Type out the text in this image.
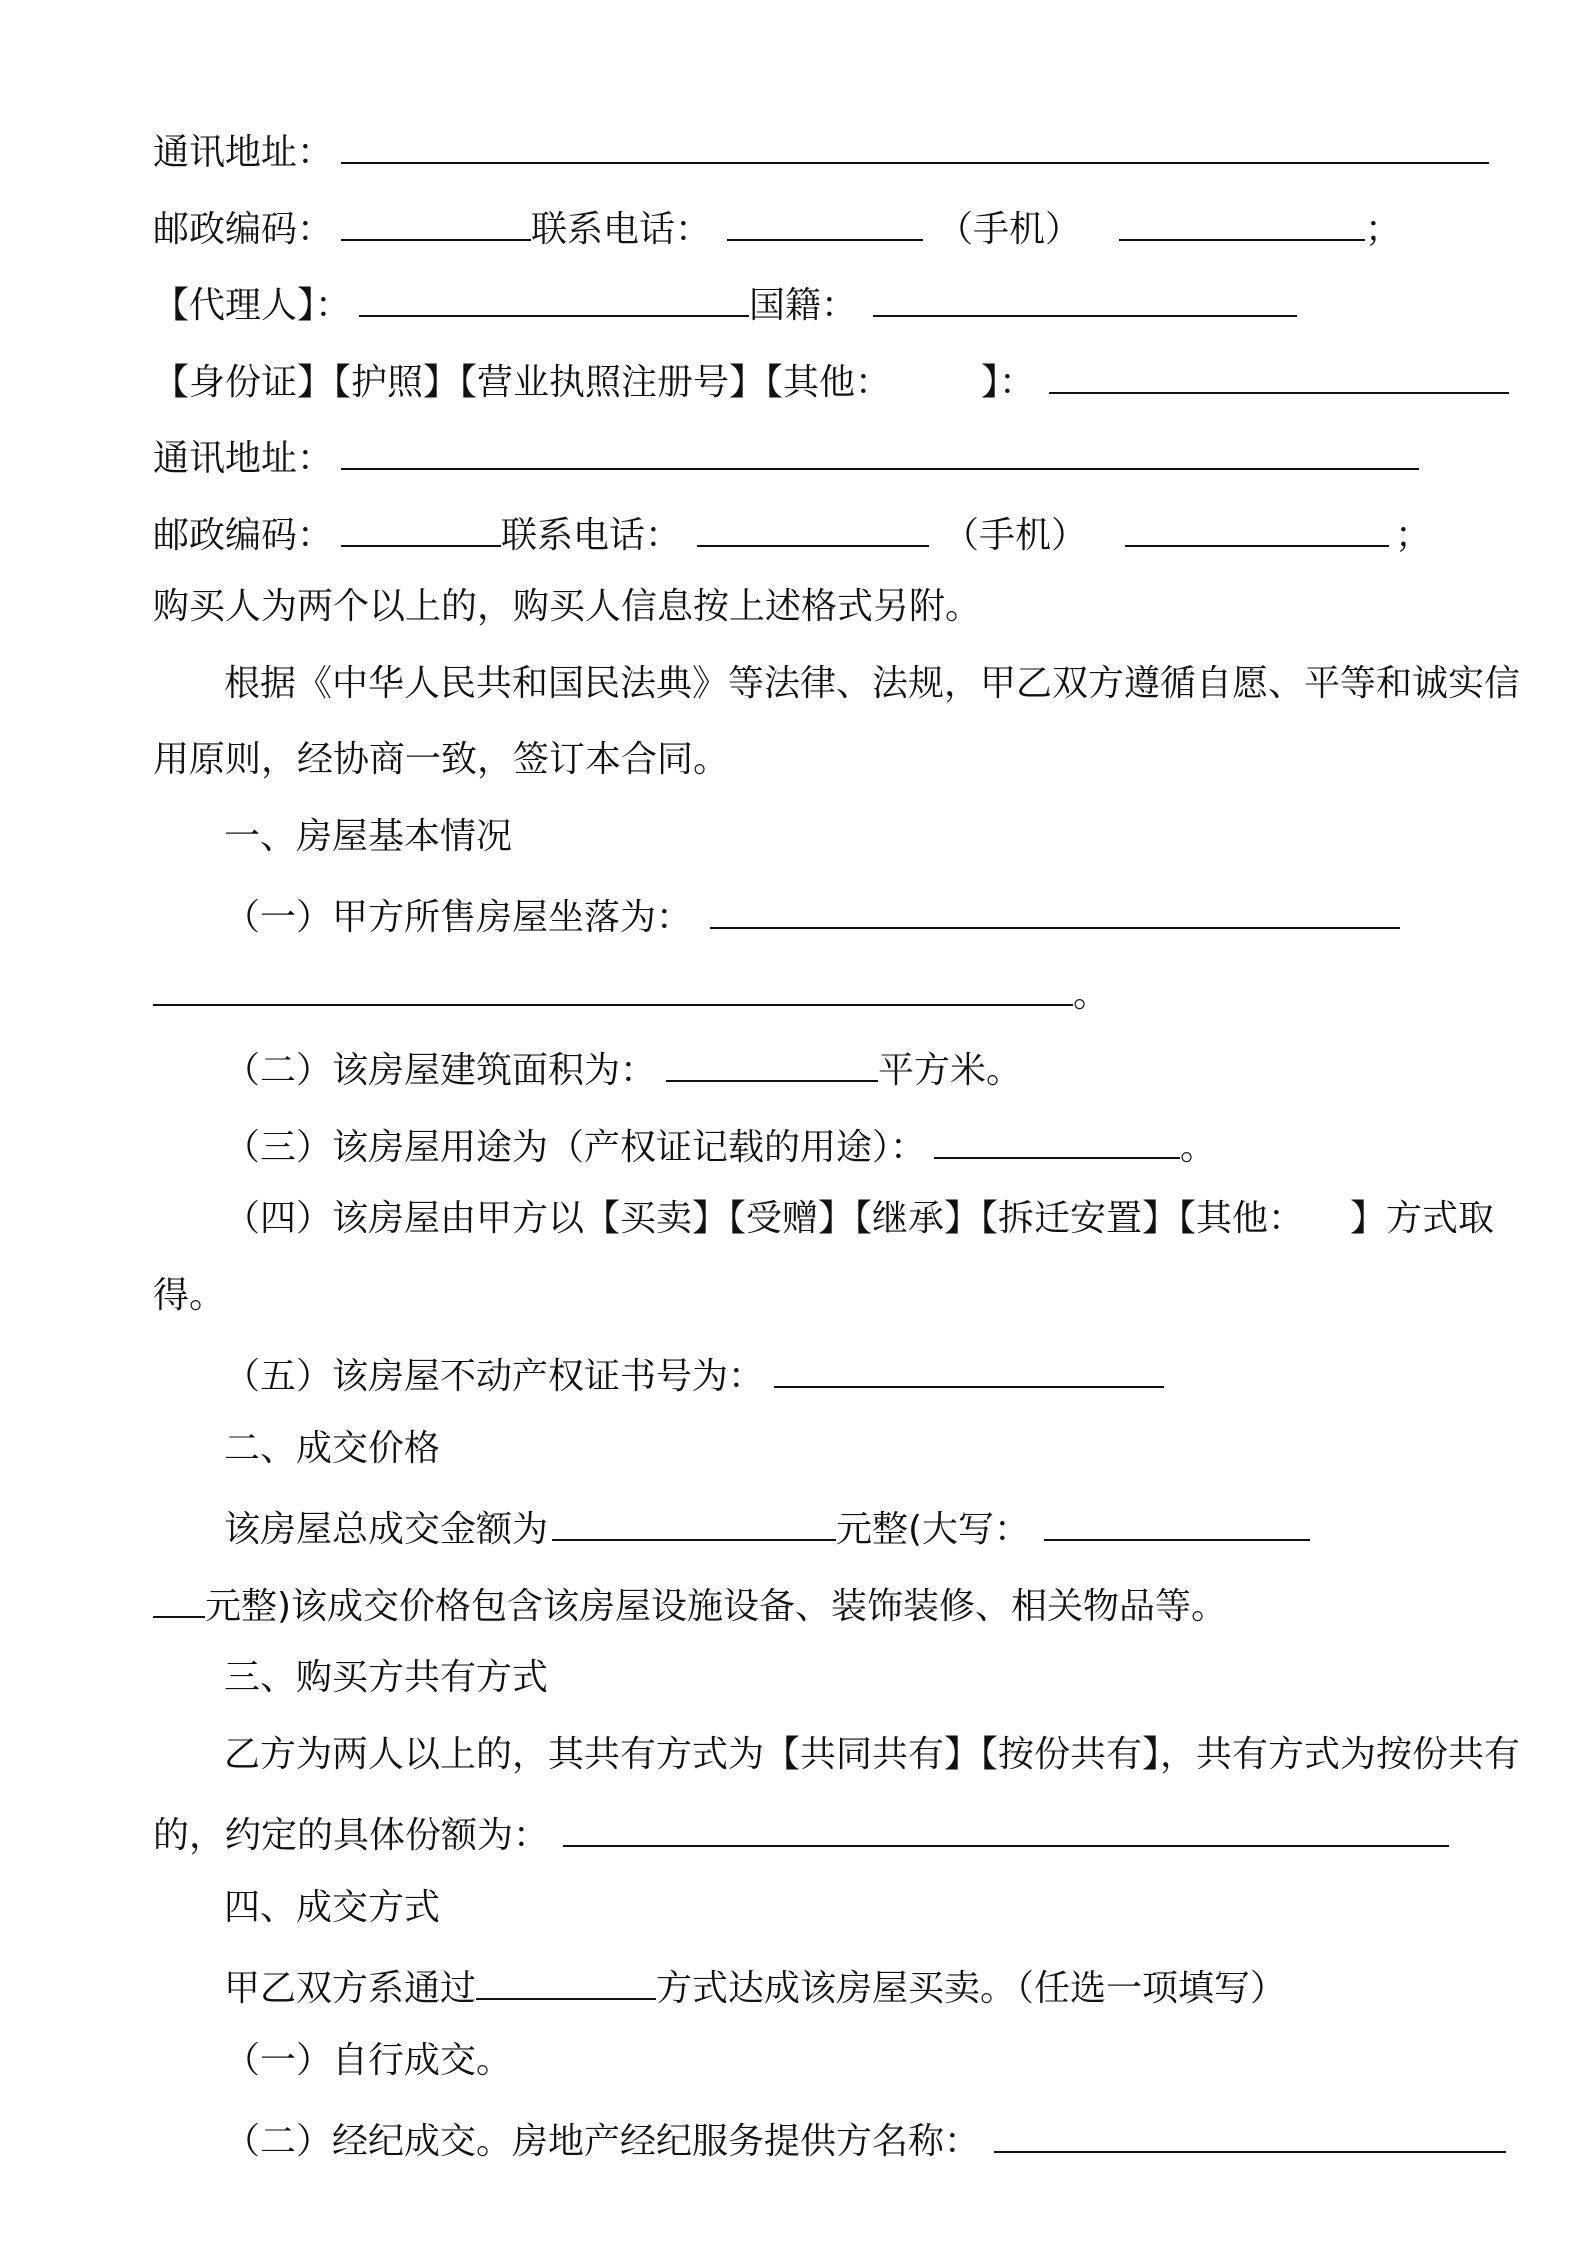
通讯地址：
邮政编码：	联系电话：	（手机）	；
【代理人】：	国籍：
【身份证】【护照】【营业执照注册号】【其他：	】：
通讯地址：
邮政编码：	联系电话：	（手机）	；
购买人为两个以上的，购买人信息按上述格式另附。
根据《中华人民共和国民法典》等法律、法规，甲乙双方遵循自愿、平等和诚实信
用原则，经协商一致，签订本合同。
一、房屋基本情况
（一）甲方所售房屋坐落为：
。
（二）该房屋建筑面积为：	平方米。
（三）该房屋用途为（产权证记载的用途）：	。
（四）该房屋由甲方以【买卖】【受赠】【继承】【拆迁安置】【其他： 】方式取
得。
（五）该房屋不动产权证书号为：
二、成交价格
该房屋总成交金额为	元整(大写：
元整)该成交价格包含该房屋设施设备、装饰装修、相关物品等。
三、购买方共有方式
乙方为两人以上的，其共有方式为【共同共有】【按份共有】，共有方式为按份共有
的，约定的具体份额为：
四、成交方式
甲乙双方系通过	方式达成该房屋买卖。（任选一项填写）
（一）自行成交。
（二）经纪成交。房地产经纪服务提供方名称：
